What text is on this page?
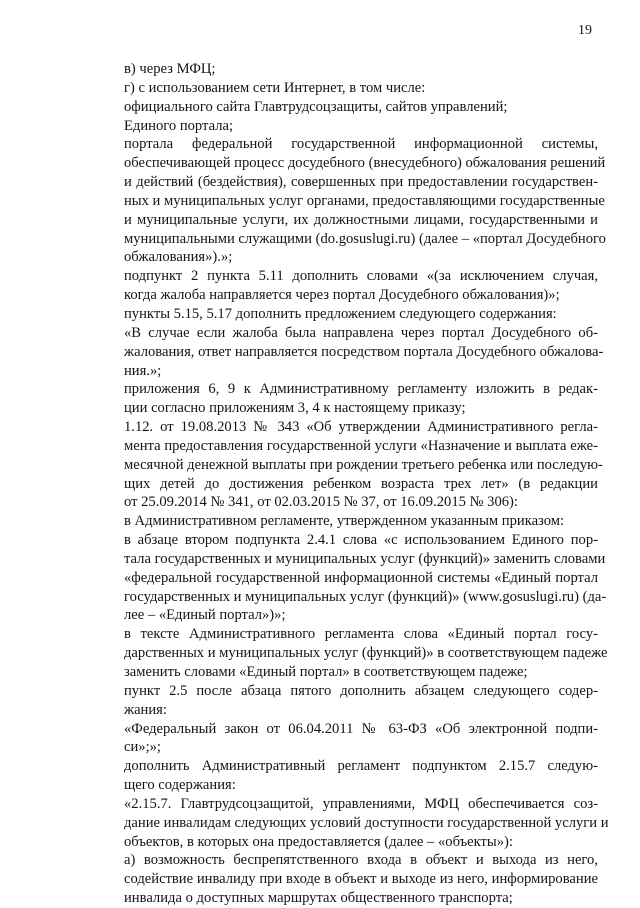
19

в) через МФЦ;

г) с использованием сети Интернет, в том числе:

официального сайта Главтрудсоцзащиты, сайтов управлений;

Единого портала;

портала федеральной государственной информационной системы,
обеспечивающей процесс досудебного (внесудебного) обжалования решений
и действий (бездействия), совершенных при предоставлении государствен-
ных и муниципальных услуг органами, предоставляющими государственные
и муниципальные услуги, их должностными лицами, государственными и
муниципальными служащими (do.gosuslugi.ru) (далее – «портал Досудебного
обжалования»).»;

подпункт 2 пункта 5.11 дополнить словами «(за исключением случая,
когда жалоба направляется через портал Досудебного обжалования)»;

пункты 5.15, 5.17 дополнить предложением следующего содержания:

«В случае если жалоба была направлена через портал Досудебного об-
жалования, ответ направляется посредством портала Досудебного обжалова-
ния.»;

приложения 6, 9 к Административному регламенту изложить в редак-
ции согласно приложениям 3, 4 к настоящему приказу;

1.12. от 19.08.2013 № 343 «Об утверждении Административного регла-
мента предоставления государственной услуги «Назначение и выплата еже-
месячной денежной выплаты при рождении третьего ребенка или последую-
щих детей до достижения ребенком возраста трех лет» (в редакции
от 25.09.2014 № 341, от 02.03.2015 № 37, от 16.09.2015 № 306):

в Административном регламенте, утвержденном указанным приказом:

в абзаце втором подпункта 2.4.1 слова «с использованием Единого пор-
тала государственных и муниципальных услуг (функций)» заменить словами
«федеральной государственной информационной системы «Единый портал
государственных и муниципальных услуг (функций)» (www.gosuslugi.ru) (да-
лее – «Единый портал»)»;

в тексте Административного регламента слова «Единый портал госу-
дарственных и муниципальных услуг (функций)» в соответствующем падеже
заменить словами «Единый портал» в соответствующем падеже;

пункт 2.5 после абзаца пятого дополнить абзацем следующего содер-
жания:

«Федеральный закон от 06.04.2011 № 63-ФЗ «Об электронной подпи-
си»;»;

дополнить Административный регламент подпунктом 2.15.7 следую-
щего содержания:

«2.15.7. Главтрудсоцзащитой, управлениями, МФЦ обеспечивается соз-
дание инвалидам следующих условий доступности государственной услуги и
объектов, в которых она предоставляется (далее – «объекты»):

а) возможность беспрепятственного входа в объект и выхода из него,
содействие инвалиду при входе в объект и выходе из него, информирование
инвалида о доступных маршрутах общественного транспорта;
